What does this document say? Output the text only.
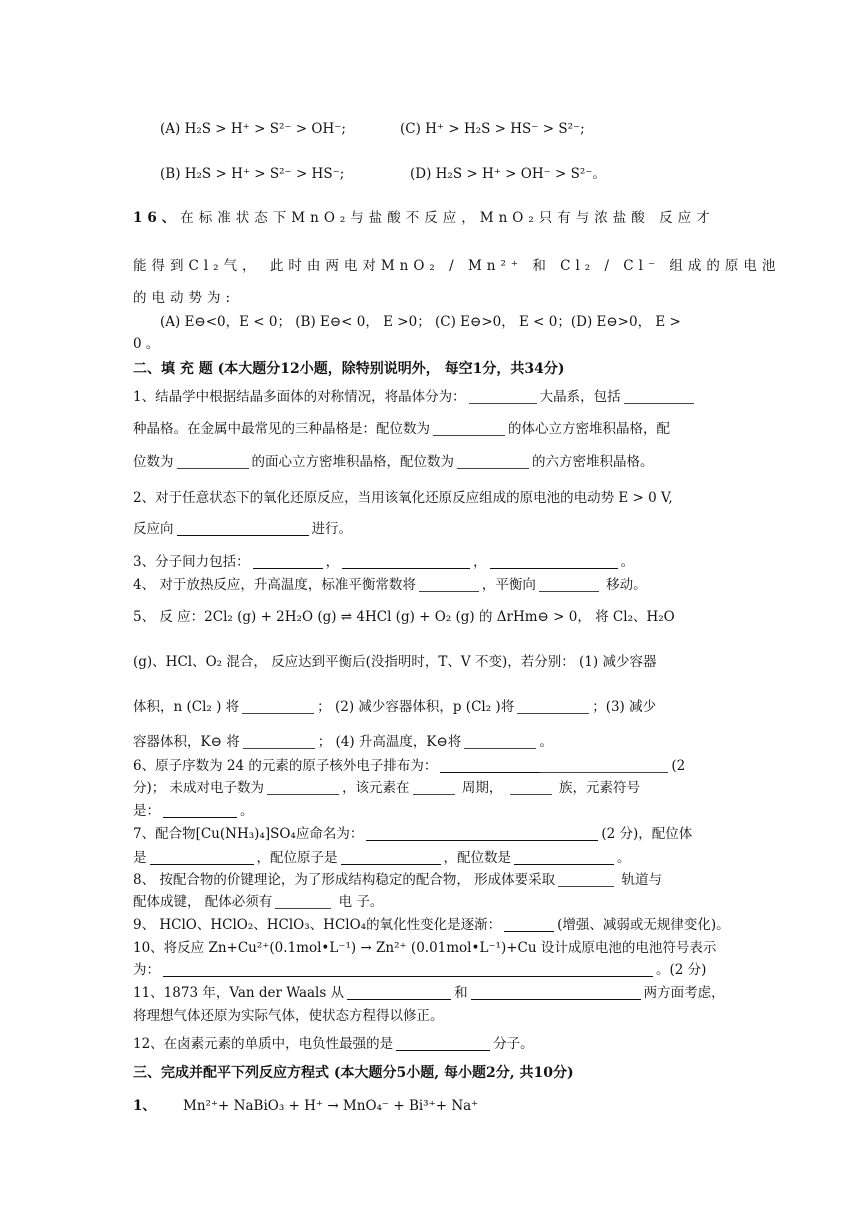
(A) H₂S > H⁺ > S²⁻ > OH⁻;	(C) H⁺ > H₂S > HS⁻ > S²⁻;
(B) H₂S > H⁺ > S²⁻ > HS⁻;	(D) H₂S > H⁺ > OH⁻ > S²⁻。
16、在标准状态下MnO₂与盐酸不反应，MnO₂只有与浓盐酸 反应才
能得到Cl₂气， 此时由两电对MnO₂ / Mn²⁺ 和 Cl₂ / Cl⁻ 组成的原电池
的电动势为:
(A) E⊖<0，E < 0； (B) E⊖< 0， E >0； (C) E⊖>0， E < 0；(D) E⊖>0， E >
0 。
二、填 充 题 (本大题分12小题，除特别说明外， 每空1分，共34分)
1、结晶学中根据结晶多面体的对称情况，将晶体分为：	大晶系，包括
种晶格。在金属中最常见的三种晶格是：配位数为	的体心立方密堆积晶格，配
位数为	的面心立方密堆积晶格，配位数为	的六方密堆积晶格。
2、对于任意状态下的氧化还原反应，当用该氧化还原反应组成的原电池的电动势 E > 0 V,
反应向	进行。
3、分子间力包括：	，	，	。
4、 对于放热反应，升高温度，标准平衡常数将	，平衡向	移动。
5、 反 应：2Cl₂ (g) + 2H₂O (g) ⇌ 4HCl (g) + O₂ (g) 的 ΔrHm⊖ > 0， 将 Cl₂、H₂O
(g)、HCl、O₂ 混合， 反应达到平衡后(没指明时，T、V 不变)，若分别： (1) 减少容器
体积，n (Cl₂ ) 将	； (2) 减少容器体积，p (Cl₂ )将	；(3) 减少
容器体积，K⊖ 将	； (4) 升高温度，K⊖将	。
6、原子序数为 24 的元素的原子核外电子排布为：	(2
分)； 未成对电子数为	，该元素在	周期，	族，元素符号
是：	。
7、配合物[Cu(NH₃)₄]SO₄应命名为：	(2 分)，配位体
是	，配位原子是	，配位数是	。
8、 按配合物的价键理论，为了形成结构稳定的配合物， 形成体要采取	轨道与
配体成键， 配体必须有	电 子。
9、 HClO、HClO₂、HClO₃、HClO₄的氧化性变化是逐渐：	(增强、减弱或无规律变化)。
10、将反应 Zn+Cu²⁺(0.1mol•L⁻¹) → Zn²⁺ (0.01mol•L⁻¹)+Cu 设计成原电池的电池符号表示
为：	。(2 分)
11、1873 年，Van der Waals 从	和	两方面考虑，
将理想气体还原为实际气体，使状态方程得以修正。
12、在卤素元素的单质中，电负性最强的是	分子。
三、完成并配平下列反应方程式 (本大题分5小题, 每小题2分, 共10分)
1、 Mn²⁺+ NaBiO₃ + H⁺ → MnO₄⁻ + Bi³⁺+ Na⁺
